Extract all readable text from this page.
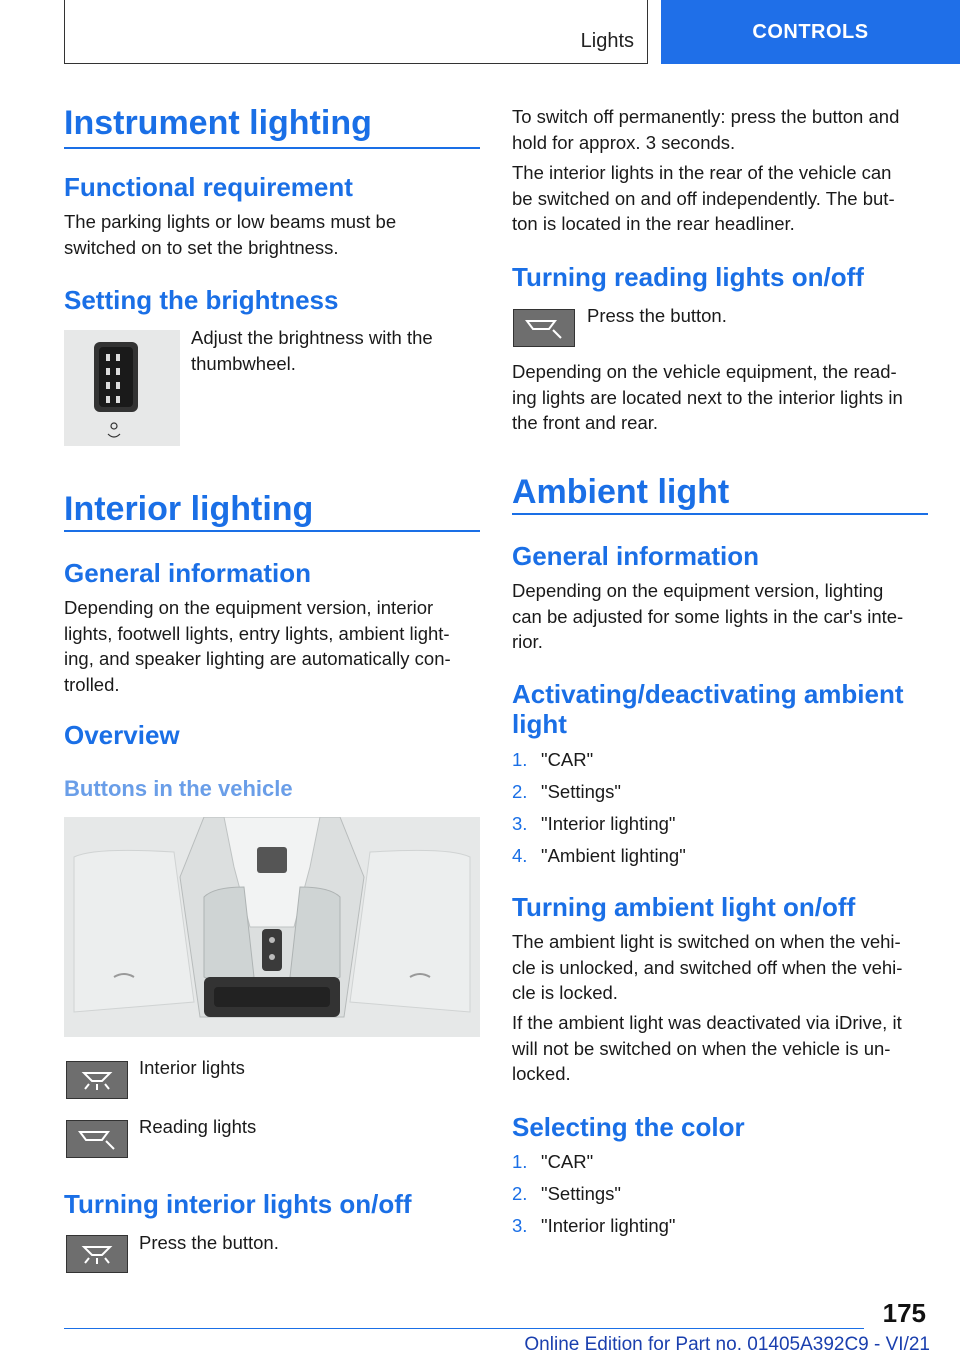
Lights	CONTROLS
Instrument lighting
Functional requirement
The parking lights or low beams must be
switched on to set the brightness.
Setting the brightness
Adjust the brightness with the
thumbwheel.
Interior lighting
General information
Depending on the equipment version, interior
lights, footwell lights, entry lights, ambient light-
ing, and speaker lighting are automatically con-
trolled.
Overview
Buttons in the vehicle
Interior lights
Reading lights
Turning interior lights on/off
Press the button.
To switch off permanently: press the button and
hold for approx. 3 seconds.
The interior lights in the rear of the vehicle can
be switched on and off independently. The but-
ton is located in the rear headliner.
Turning reading lights on/off
Press the button.
Depending on the vehicle equipment, the read-
ing lights are located next to the interior lights in
the front and rear.
Ambient light
General information
Depending on the equipment version, lighting
can be adjusted for some lights in the car's inte-
rior.
Activating/deactivating ambient
light
1. "CAR"
2. "Settings"
3. "Interior lighting"
4. "Ambient lighting"
Turning ambient light on/off
The ambient light is switched on when the vehi-
cle is unlocked, and switched off when the vehi-
cle is locked.
If the ambient light was deactivated via iDrive, it
will not be switched on when the vehicle is un-
locked.
Selecting the color
1. "CAR"
2. "Settings"
3. "Interior lighting"
175
Online Edition for Part no. 01405A392C9 - VI/21
